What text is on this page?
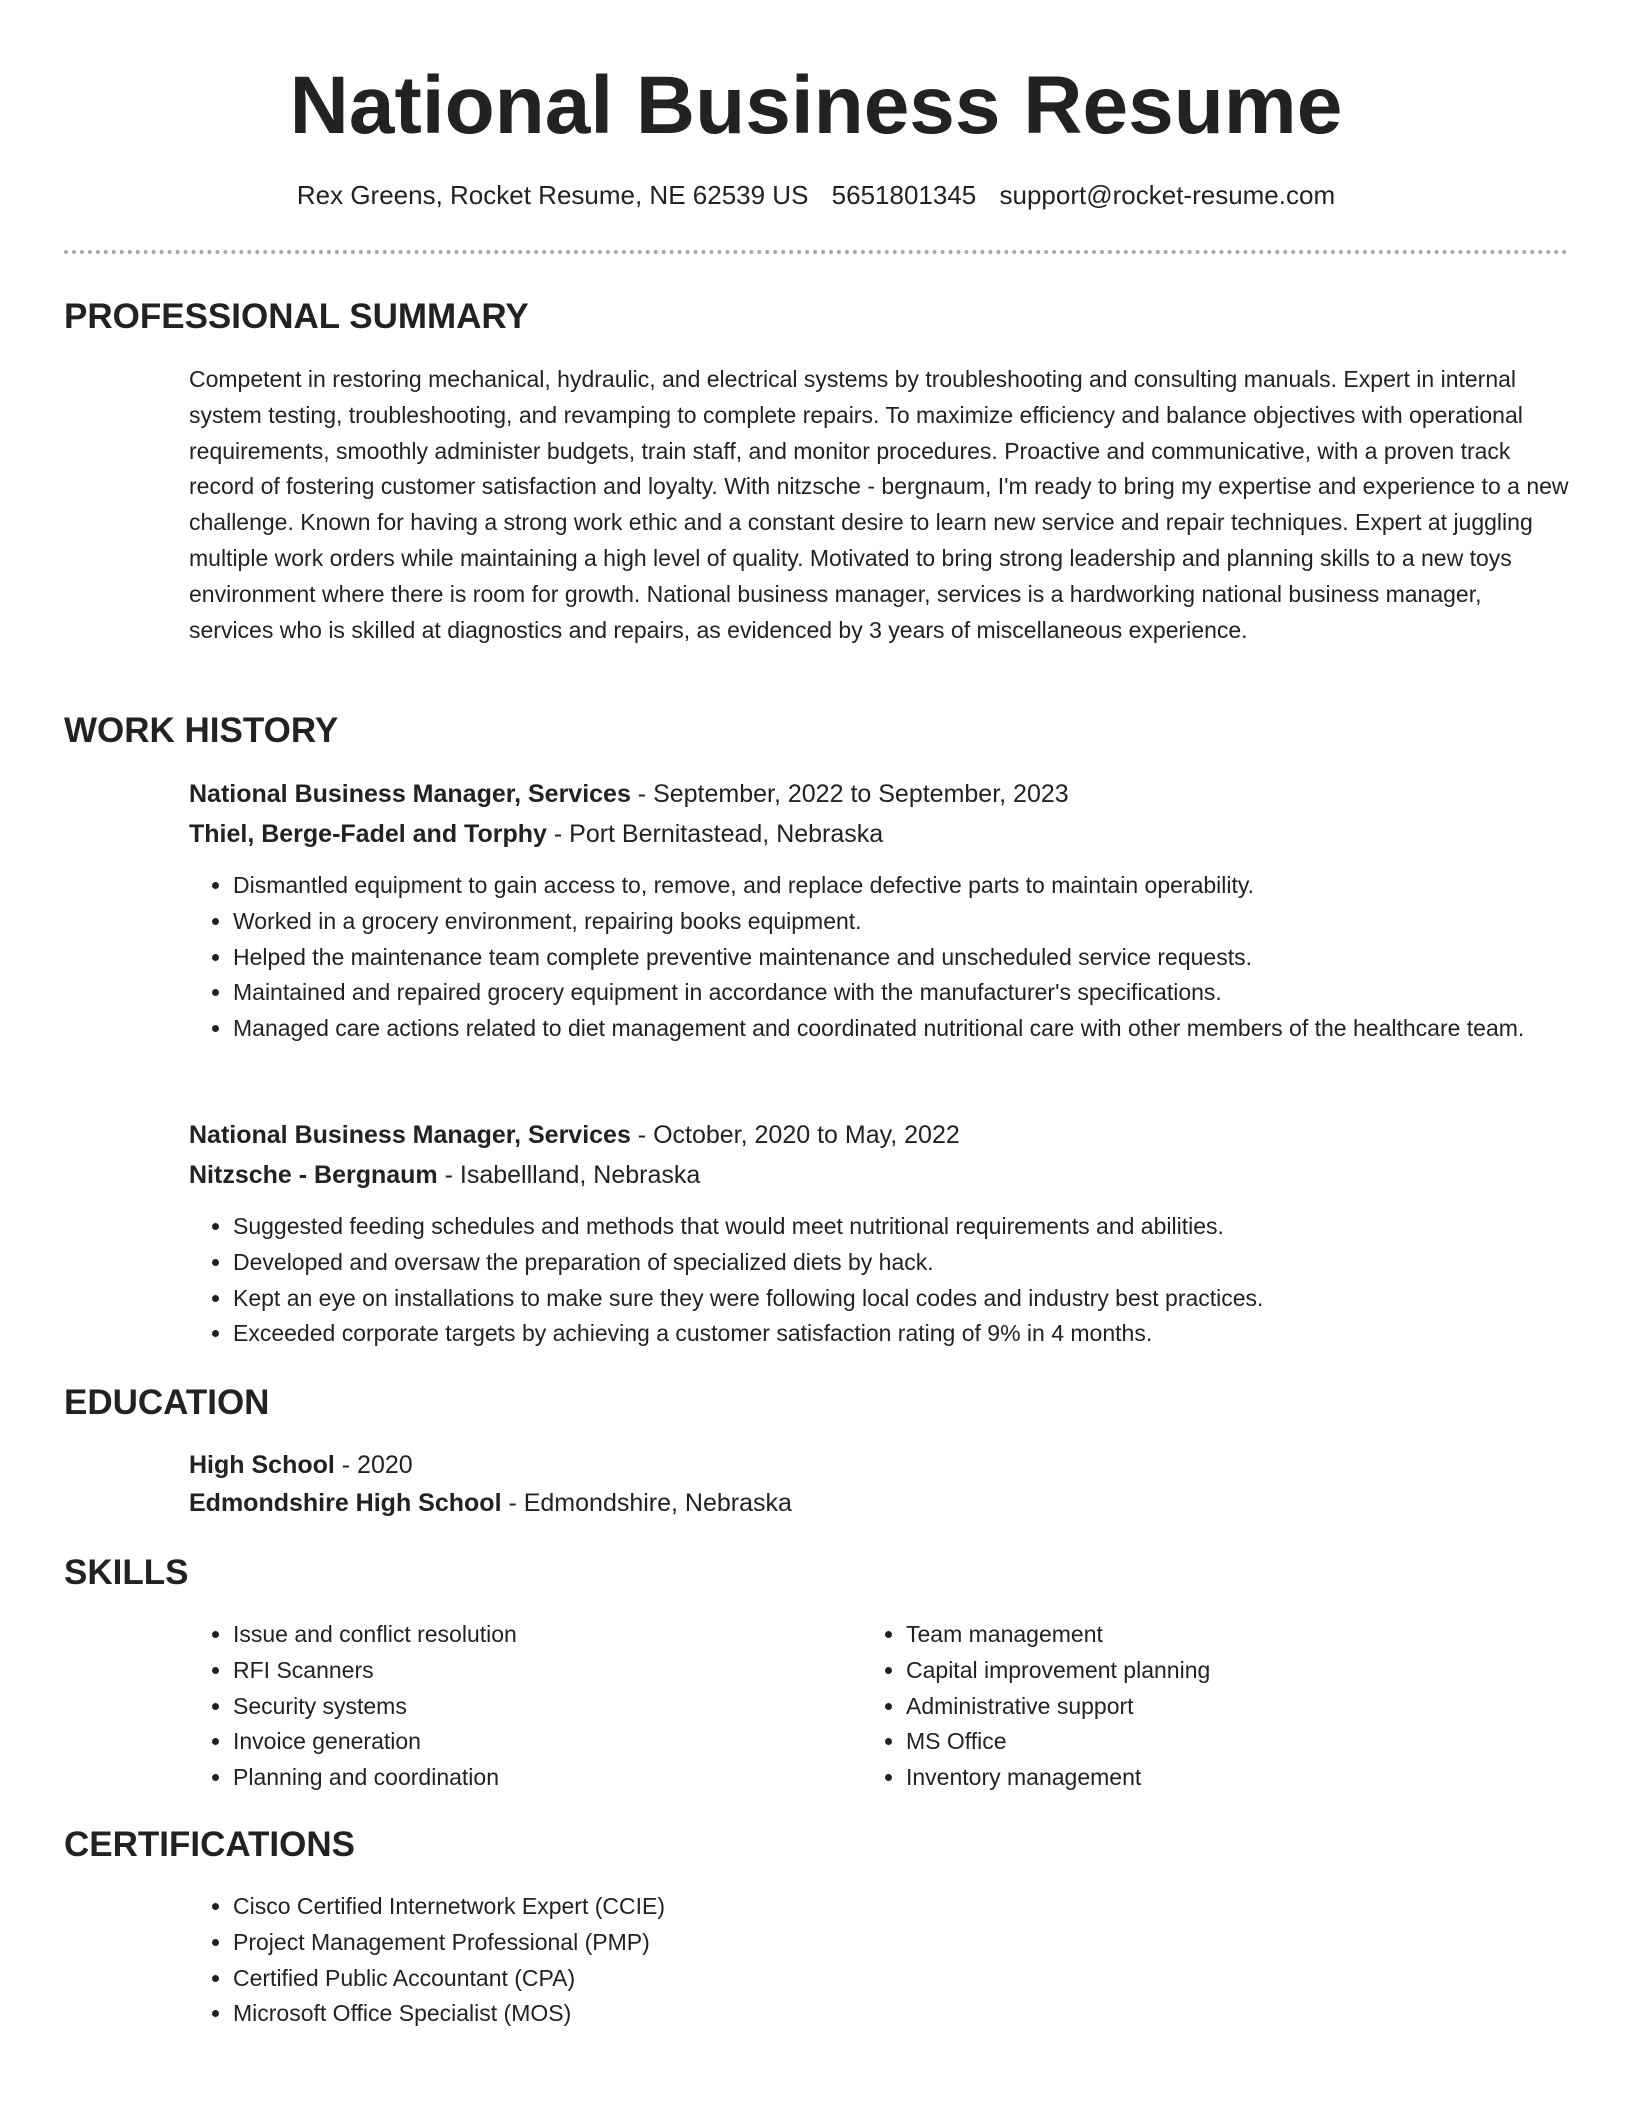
National Business Resume
Rex Greens, Rocket Resume, NE 62539 US 5651801345 support@rocket-resume.com
PROFESSIONAL SUMMARY

Competent in restoring mechanical, hydraulic, and electrical systems by troubleshooting and consulting manuals. Expert in internal system testing, troubleshooting, and revamping to complete repairs. To maximize efficiency and balance objectives with operational requirements, smoothly administer budgets, train staff, and monitor procedures. Proactive and communicative, with a proven track record of fostering customer satisfaction and loyalty. With nitzsche - bergnaum, I'm ready to bring my expertise and experience to a new challenge. Known for having a strong work ethic and a constant desire to learn new service and repair techniques. Expert at juggling multiple work orders while maintaining a high level of quality. Motivated to bring strong leadership and planning skills to a new toys environment where there is room for growth. National business manager, services is a hardworking national business manager, services who is skilled at diagnostics and repairs, as evidenced by 3 years of miscellaneous experience.

WORK HISTORY

National Business Manager, Services - September, 2022 to September, 2023

Thiel, Berge-Fadel and Torphy - Port Bernitastead, Nebraska

• Dismantled equipment to gain access to, remove, and replace defective parts to maintain operability.
• Worked in a grocery environment, repairing books equipment.
• Helped the maintenance team complete preventive maintenance and unscheduled service requests.
• Maintained and repaired grocery equipment in accordance with the manufacturer's specifications.
• Managed care actions related to diet management and coordinated nutritional care with other members of the healthcare team.

National Business Manager, Services - October, 2020 to May, 2022

Nitzsche - Bergnaum - Isabellland, Nebraska

• Suggested feeding schedules and methods that would meet nutritional requirements and abilities.
• Developed and oversaw the preparation of specialized diets by hack.
• Kept an eye on installations to make sure they were following local codes and industry best practices.
• Exceeded corporate targets by achieving a customer satisfaction rating of 9% in 4 months.
EDUCATION

High School - 2020

Edmondshire High School - Edmondshire, Nebraska

SKILLS
• Issue and conflict resolution
• RFI Scanners
• Security systems
• Invoice generation
• Planning and coordination
• Team management
• Capital improvement planning
• Administrative support
• MS Office
• Inventory management
CERTIFICATIONS
• Cisco Certified Internetwork Expert (CCIE)
• Project Management Professional (PMP)
• Certified Public Accountant (CPA)
• Microsoft Office Specialist (MOS)
